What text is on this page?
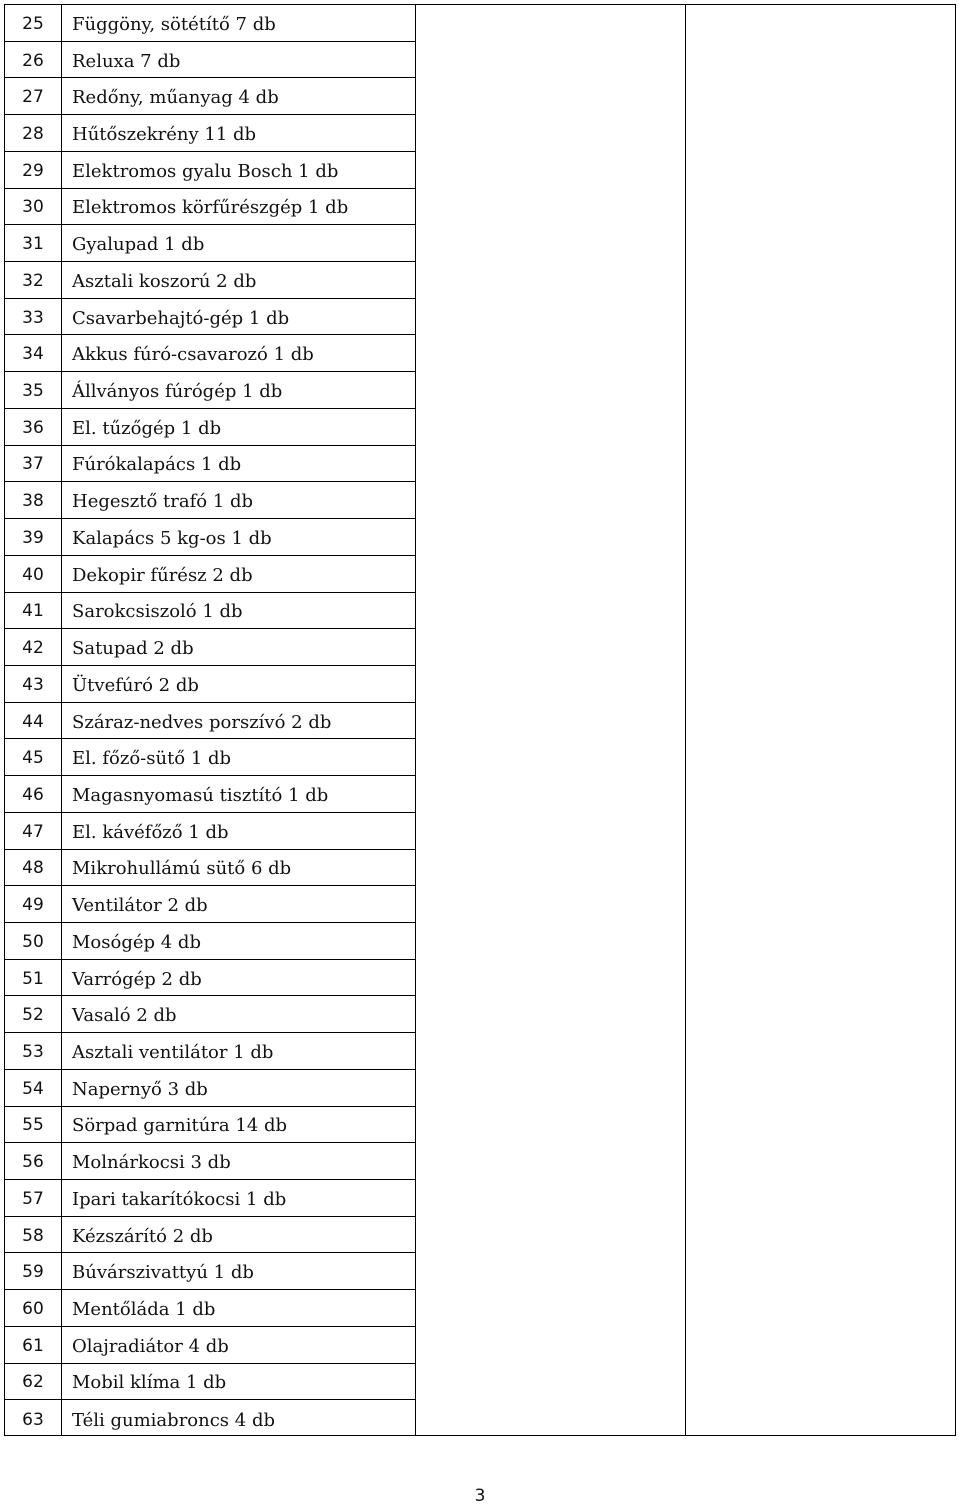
25	Függöny, sötétítő 7 db
26	Reluxa 7 db
27	Redőny, műanyag 4 db
28	Hűtőszekrény 11 db
29	Elektromos gyalu Bosch 1 db
30	Elektromos körfűrészgép 1 db
31	Gyalupad 1 db
32	Asztali koszorú 2 db
33	Csavarbehajtó-gép 1 db
34	Akkus fúró-csavarozó 1 db
35	Állványos fúrógép 1 db
36	El. tűzőgép 1 db
37	Fúrókalapács 1 db
38	Hegesztő trafó 1 db
39	Kalapács 5 kg-os 1 db
40	Dekopir fűrész 2 db
41	Sarokcsiszoló 1 db
42	Satupad 2 db
43	Ütvefúró 2 db
44	Száraz-nedves porszívó 2 db
45	El. főző-sütő 1 db
46	Magasnyomasú tisztító 1 db
47	El. kávéfőző 1 db
48	Mikrohullámú sütő 6 db
49	Ventilátor 2 db
50	Mosógép 4 db
51	Varrógép 2 db
52	Vasaló 2 db
53	Asztali ventilátor 1 db
54	Napernyő 3 db
55	Sörpad garnitúra 14 db
56	Molnárkocsi 3 db
57	Ipari takarítókocsi 1 db
58	Kézszárító 2 db
59	Búvárszivattyú 1 db
60	Mentőláda 1 db
61	Olajradiátor 4 db
62	Mobil klíma 1 db
63	Téli gumiabroncs 4 db
3
